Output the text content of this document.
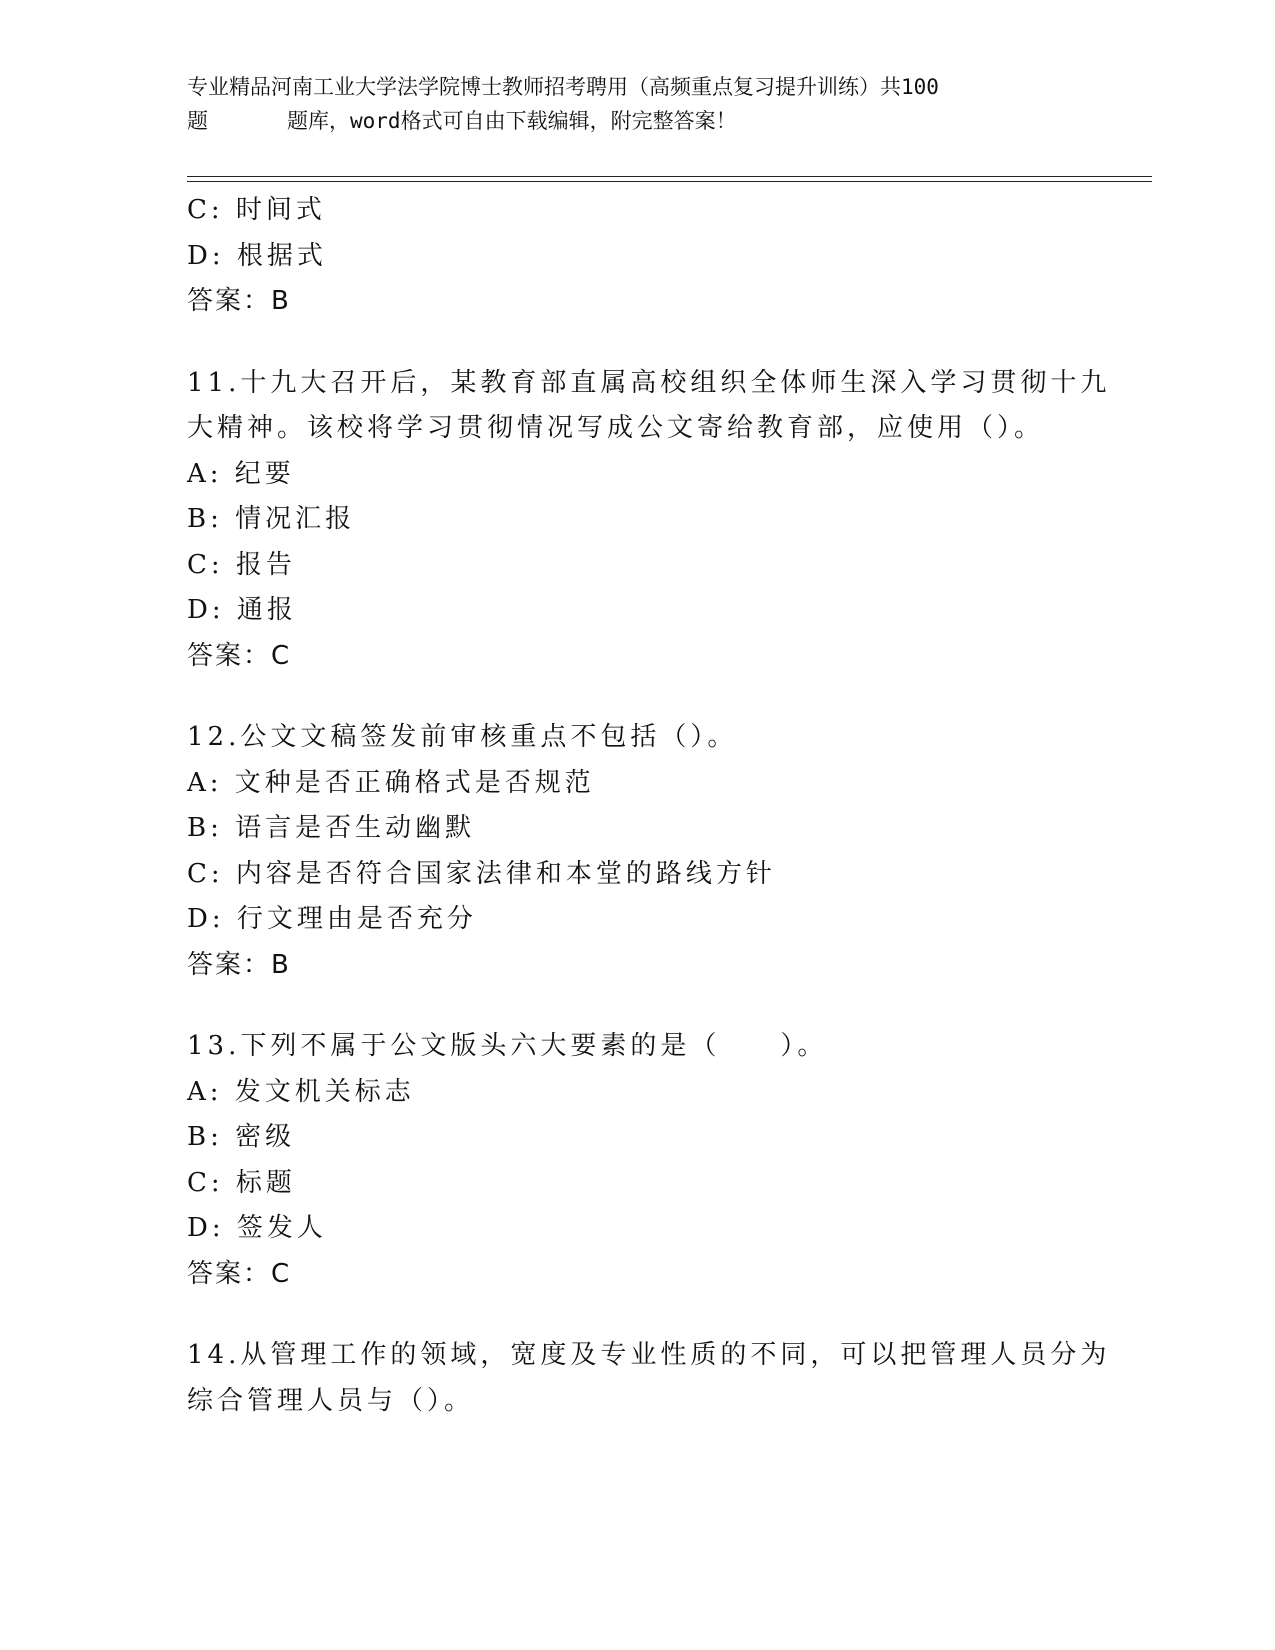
专业精品河南工业大学法学院博士教师招考聘用（高频重点复习提升训练）共100
题	题库，word格式可自由下载编辑，附完整答案！
C: 时间式
D: 根据式
答案：B
11.十九大召开后，某教育部直属高校组织全体师生深入学习贯彻十九
大精神。该校将学习贯彻情况写成公文寄给教育部，应使用（）。
A: 纪要
B: 情况汇报
C: 报告
D: 通报
答案：C
12.公文文稿签发前审核重点不包括（）。
A: 文种是否正确格式是否规范
B: 语言是否生动幽默
C: 内容是否符合国家法律和本堂的路线方针
D: 行文理由是否充分
答案：B
13.下列不属于公文版头六大要素的是（　　）。
A: 发文机关标志
B: 密级
C: 标题
D: 签发人
答案：C
14.从管理工作的领域，宽度及专业性质的不同，可以把管理人员分为
综合管理人员与（）。
